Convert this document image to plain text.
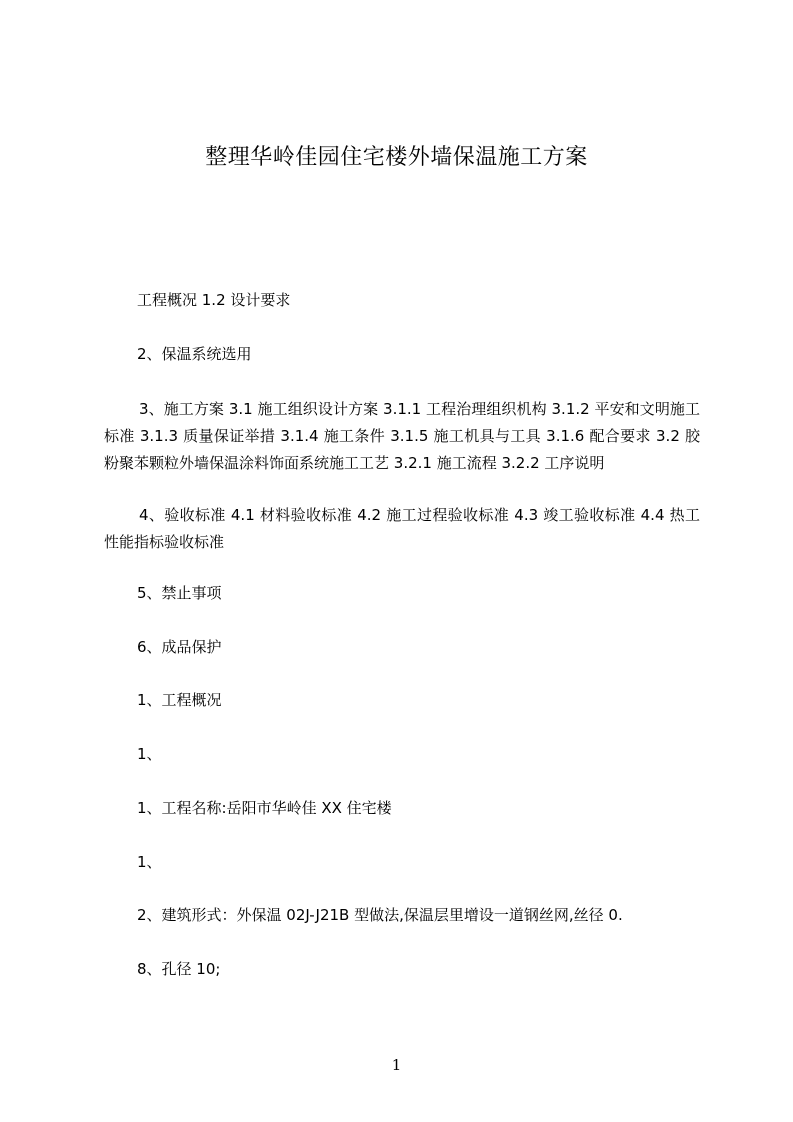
整理华岭佳园住宅楼外墙保温施工方案

工程概况 1.2 设计要求

2、保温系统选用

3、施工方案 3.1 施工组织设计方案 3.1.1 工程治理组织机构 3.1.2 平安和文明施工标准 3.1.3 质量保证举措 3.1.4 施工条件 3.1.5 施工机具与工具 3.1.6 配合要求 3.2 胶粉聚苯颗粒外墙保温涂料饰面系统施工工艺 3.2.1 施工流程 3.2.2 工序说明

4、验收标准 4.1 材料验收标准 4.2 施工过程验收标准 4.3 竣工验收标准 4.4 热工性能指标验收标准

5、禁止事项

6、成品保护

1、工程概况

1、

1、工程名称:岳阳市华岭佳 XX 住宅楼

1、

2、建筑形式：外保温 02J-J21B 型做法,保温层里增设一道钢丝网,丝径 0.

8、孔径 10;

1
